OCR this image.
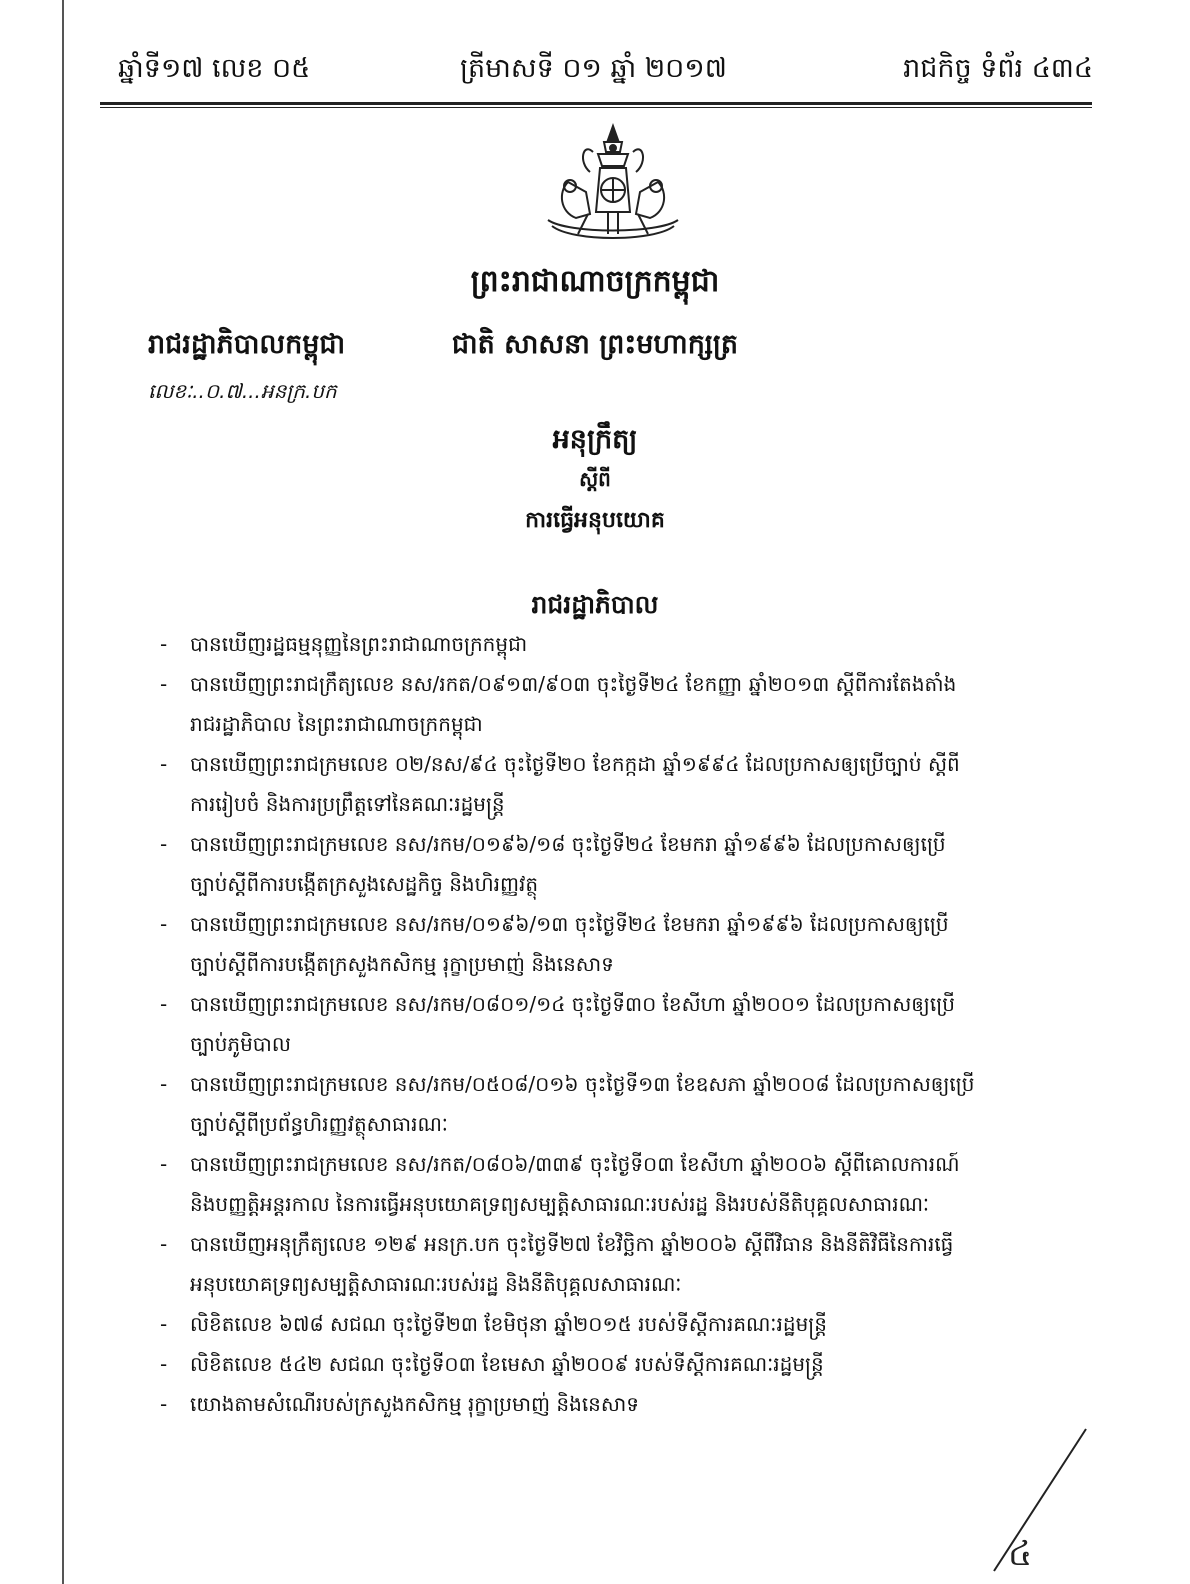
ឆ្នាំទី១៧ លេខ ០៥	ត្រីមាសទី ០១ ឆ្នាំ ២០១៧	រាជកិច្ច ទំព័រ ៤៣៤
ព្រះរាជាណាចក្រកម្ពុជា
រាជរដ្ឋាភិបាលកម្ពុជា	ជាតិ សាសនា ព្រះមហាក្សត្រ
លេខៈ..០.៧...អនក្រ.បក
អនុក្រឹត្យ
ស្តីពី
ការធ្វើអនុបយោគ
រាជរដ្ឋាភិបាល
- បានឃើញរដ្ឋធម្មនុញ្ញនៃព្រះរាជាណាចក្រកម្ពុជា
- បានឃើញព្រះរាជក្រឹត្យលេខ នស/រកត/០៩១៣/៩០៣ ចុះថ្ងៃទី២៤ ខែកញ្ញា ឆ្នាំ២០១៣ ស្តីពីការតែងតាំង
រាជរដ្ឋាភិបាល នៃព្រះរាជាណាចក្រកម្ពុជា
- បានឃើញព្រះរាជក្រមលេខ ០២/នស/៩៤ ចុះថ្ងៃទី២០ ខែកក្កដា ឆ្នាំ១៩៩៤ ដែលប្រកាសឲ្យប្រើច្បាប់ ស្តីពី
ការរៀបចំ និងការប្រព្រឹត្តទៅនៃគណៈរដ្ឋមន្ត្រី
- បានឃើញព្រះរាជក្រមលេខ នស/រកម/០១៩៦/១៨ ចុះថ្ងៃទី២៤ ខែមករា ឆ្នាំ១៩៩៦ ដែលប្រកាសឲ្យប្រើ
ច្បាប់ស្តីពីការបង្កើតក្រសួងសេដ្ឋកិច្ច និងហិរញ្ញវត្ថុ
- បានឃើញព្រះរាជក្រមលេខ នស/រកម/០១៩៦/១៣ ចុះថ្ងៃទី២៤ ខែមករា ឆ្នាំ១៩៩៦ ដែលប្រកាសឲ្យប្រើ
ច្បាប់ស្តីពីការបង្កើតក្រសួងកសិកម្ម រុក្ខាប្រមាញ់ និងនេសាទ
- បានឃើញព្រះរាជក្រមលេខ នស/រកម/០៨០១/១៤ ចុះថ្ងៃទី៣០ ខែសីហា ឆ្នាំ២០០១ ដែលប្រកាសឲ្យប្រើ
ច្បាប់ភូមិបាល
- បានឃើញព្រះរាជក្រមលេខ នស/រកម/០៥០៨/០១៦ ចុះថ្ងៃទី១៣ ខែឧសភា ឆ្នាំ២០០៨ ដែលប្រកាសឲ្យប្រើ
ច្បាប់ស្តីពីប្រព័ន្ធហិរញ្ញវត្ថុសាធារណៈ
- បានឃើញព្រះរាជក្រមលេខ នស/រកត/០៨០៦/៣៣៩ ចុះថ្ងៃទី០៣ ខែសីហា ឆ្នាំ២០០៦ ស្តីពីគោលការណ៍
និងបញ្ញត្តិអន្តរកាល នៃការធ្វើអនុបយោគទ្រព្យសម្បត្តិសាធារណៈរបស់រដ្ឋ និងរបស់នីតិបុគ្គលសាធារណៈ
- បានឃើញអនុក្រឹត្យលេខ ១២៩ អនក្រ.បក ចុះថ្ងៃទី២៧ ខែវិច្ឆិកា ឆ្នាំ២០០៦ ស្តីពីវិធាន និងនីតិវិធីនៃការធ្វើ
អនុបយោគទ្រព្យសម្បត្តិសាធារណៈរបស់រដ្ឋ និងនីតិបុគ្គលសាធារណៈ
- លិខិតលេខ ៦៧៨ សជណ ចុះថ្ងៃទី២៣ ខែមិថុនា ឆ្នាំ២០១៥ របស់ទីស្តីការគណៈរដ្ឋមន្ត្រី
- លិខិតលេខ ៥៤២ សជណ ចុះថ្ងៃទី០៣ ខែមេសា ឆ្នាំ២០០៩ របស់ទីស្តីការគណៈរដ្ឋមន្ត្រី
- យោងតាមសំណើរបស់ក្រសួងកសិកម្ម រុក្ខាប្រមាញ់ និងនេសាទ
៤
